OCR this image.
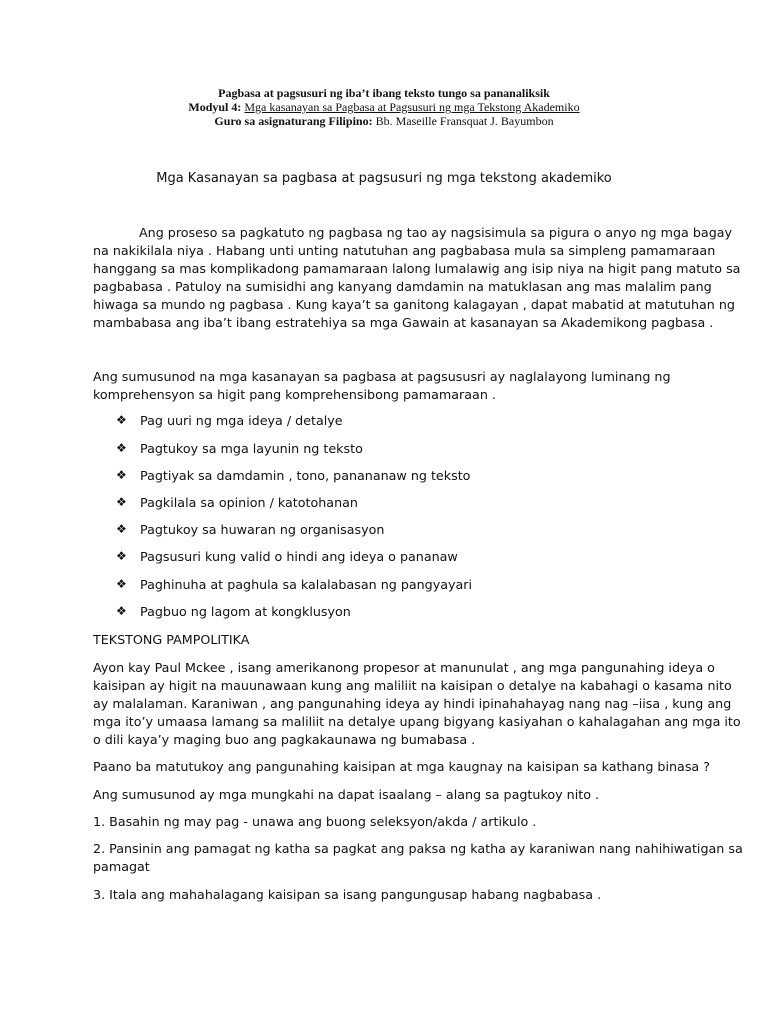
Pagbasa at pagsusuri ng iba’t ibang teksto tungo sa pananaliksik
Modyul 4: Mga kasanayan sa Pagbasa at Pagsusuri ng mga Tekstong Akademiko
Guro sa asignaturang Filipino: Bb. Maseille Fransquat J. Bayumbon
Mga Kasanayan sa pagbasa at pagsusuri ng mga tekstong akademiko
Ang proseso sa pagkatuto ng pagbasa ng tao ay nagsisimula sa pigura o anyo ng mga bagay
na nakikilala niya . Habang unti unting natutuhan ang pagbabasa mula sa simpleng pamamaraan
hanggang sa mas komplikadong pamamaraan lalong lumalawig ang isip niya na higit pang matuto sa
pagbabasa . Patuloy na sumisidhi ang kanyang damdamin na matuklasan ang mas malalim pang
hiwaga sa mundo ng pagbasa . Kung kaya’t sa ganitong kalagayan , dapat mabatid at matutuhan ng
mambabasa ang iba’t ibang estratehiya sa mga Gawain at kasanayan sa Akademikong pagbasa .
Ang sumusunod na mga kasanayan sa pagbasa at pagsususri ay naglalayong luminang ng
komprehensyon sa higit pang komprehensibong pamamaraan .
❖ Pag uuri ng mga ideya / detalye
❖ Pagtukoy sa mga layunin ng teksto
❖ Pagtiyak sa damdamin , tono, panananaw ng teksto
❖ Pagkilala sa opinion / katotohanan
❖ Pagtukoy sa huwaran ng organisasyon
❖ Pagsusuri kung valid o hindi ang ideya o pananaw
❖ Paghinuha at paghula sa kalalabasan ng pangyayari
❖ Pagbuo ng lagom at kongklusyon
TEKSTONG PAMPOLITIKA
Ayon kay Paul Mckee , isang amerikanong propesor at manunulat , ang mga pangunahing ideya o
kaisipan ay higit na mauunawaan kung ang maliliit na kaisipan o detalye na kabahagi o kasama nito
ay malalaman. Karaniwan , ang pangunahing ideya ay hindi ipinahahayag nang nag –iisa , kung ang
mga ito’y umaasa lamang sa maliliit na detalye upang bigyang kasiyahan o kahalagahan ang mga ito
o dili kaya’y maging buo ang pagkakaunawa ng bumabasa .
Paano ba matutukoy ang pangunahing kaisipan at mga kaugnay na kaisipan sa kathang binasa ?
Ang sumusunod ay mga mungkahi na dapat isaalang – alang sa pagtukoy nito .
1. Basahin ng may pag - unawa ang buong seleksyon/akda / artikulo .
2. Pansinin ang pamagat ng katha sa pagkat ang paksa ng katha ay karaniwan nang nahihiwatigan sa
pamagat
3. Itala ang mahahalagang kaisipan sa isang pangungusap habang nagbabasa .
